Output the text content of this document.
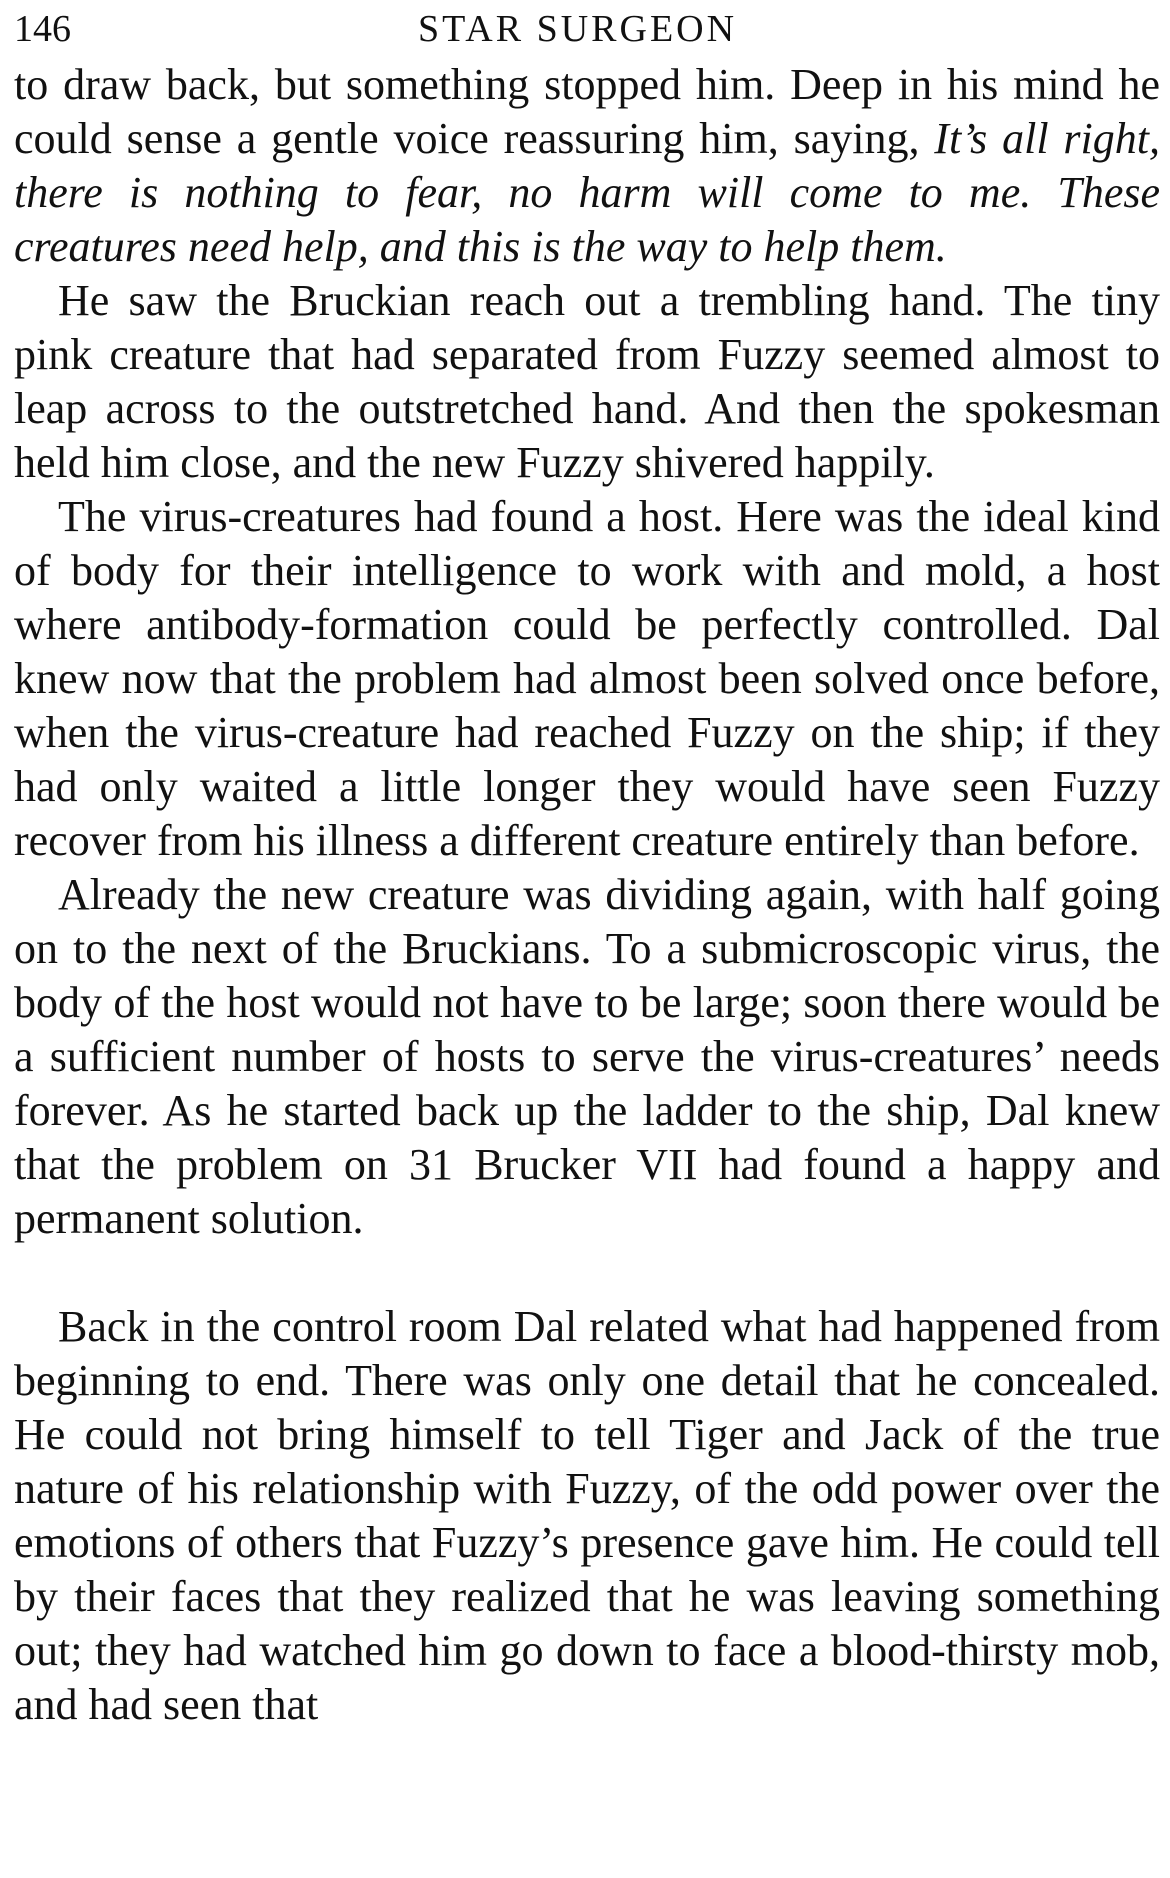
146	STAR SURGEON

to draw back, but something stopped him. Deep in his mind he could sense a gentle voice reassuring him, saying, It’s all right, there is nothing to fear, no harm will come to me. These creatures need help, and this is the way to help them.

He saw the Bruckian reach out a trembling hand. The tiny pink creature that had separated from Fuzzy seemed almost to leap across to the outstretched hand. And then the spokesman held him close, and the new Fuzzy shivered happily.

The virus-creatures had found a host. Here was the ideal kind of body for their intelligence to work with and mold, a host where antibody-formation could be perfectly controlled. Dal knew now that the problem had almost been solved once before, when the virus-creature had reached Fuzzy on the ship; if they had only waited a little longer they would have seen Fuzzy recover from his illness a different creature entirely than before.

Already the new creature was dividing again, with half going on to the next of the Bruckians. To a submicroscopic virus, the body of the host would not have to be large; soon there would be a sufficient number of hosts to serve the virus-creatures’ needs forever. As he started back up the ladder to the ship, Dal knew that the problem on 31 Brucker VII had found a happy and permanent solution.

Back in the control room Dal related what had happened from beginning to end. There was only one detail that he concealed. He could not bring himself to tell Tiger and Jack of the true nature of his relationship with Fuzzy, of the odd power over the emotions of others that Fuzzy’s presence gave him. He could tell by their faces that they realized that he was leaving something out; they had watched him go down to face a blood-thirsty mob, and had seen that
